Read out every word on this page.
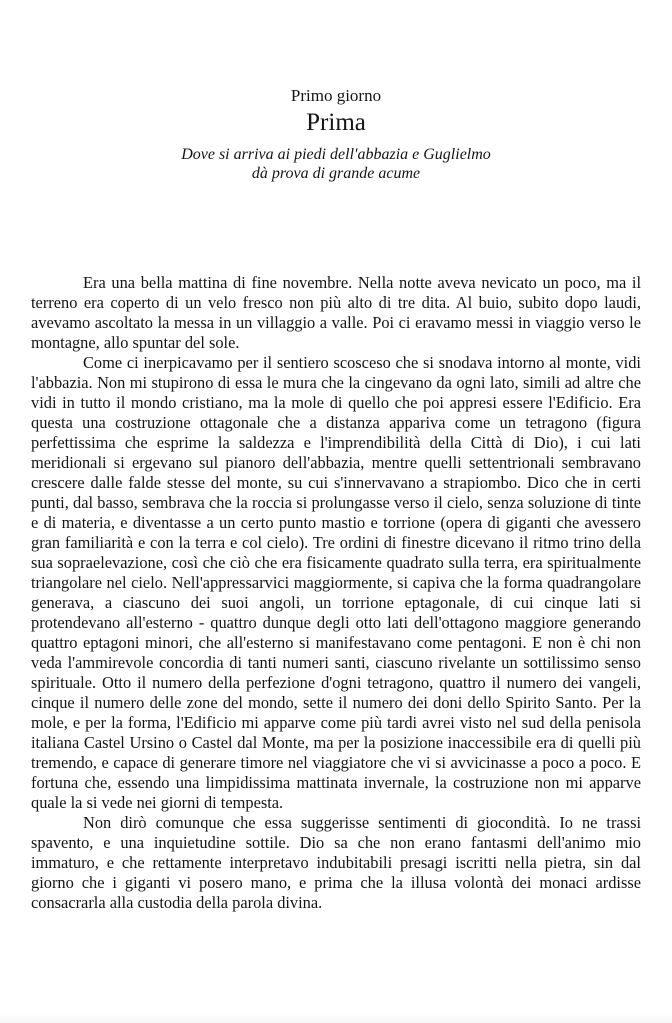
Primo giorno
Prima
Dove si arriva ai piedi dell'abbazia e Guglielmo
dà prova di grande acume

Era una bella mattina di fine novembre. Nella notte aveva nevicato un poco, ma il terreno era coperto di un velo fresco non più alto di tre dita. Al buio, subito dopo laudi, avevamo ascoltato la messa in un villaggio a valle. Poi ci eravamo messi in viaggio verso le montagne, allo spuntar del sole.

Come ci inerpicavamo per il sentiero scosceso che si snodava intorno al monte, vidi l'abbazia. Non mi stupirono di essa le mura che la cingevano da ogni lato, simili ad altre che vidi in tutto il mondo cristiano, ma la mole di quello che poi appresi essere l'Edificio. Era questa una costruzione ottagonale che a distanza appariva come un tetragono (figura perfettissima che esprime la saldezza e l'imprendibilità della Città di Dio), i cui lati meridionali si ergevano sul pianoro dell'abbazia, mentre quelli settentrionali sembravano crescere dalle falde stesse del monte, su cui s'innervavano a strapiombo. Dico che in certi punti, dal basso, sembrava che la roccia si prolungasse verso il cielo, senza soluzione di tinte e di materia, e diventasse a un certo punto mastio e torrione (opera di giganti che avessero gran familiarità e con la terra e col cielo). Tre ordini di finestre dicevano il ritmo trino della sua sopraelevazione, così che ciò che era fisicamente quadrato sulla terra, era spiritualmente triangolare nel cielo. Nell'appressarvici maggiormente, si capiva che la forma quadrangolare generava, a ciascuno dei suoi angoli, un torrione eptagonale, di cui cinque lati si protendevano all'esterno - quattro dunque degli otto lati dell'ottagono maggiore generando quattro eptagoni minori, che all'esterno si manifestavano come pentagoni. E non è chi non veda l'ammirevole concordia di tanti numeri santi, ciascuno rivelante un sottilissimo senso spirituale. Otto il numero della perfezione d'ogni tetragono, quattro il numero dei vangeli, cinque il numero delle zone del mondo, sette il numero dei doni dello Spirito Santo. Per la mole, e per la forma, l'Edificio mi apparve come più tardi avrei visto nel sud della penisola italiana Castel Ursino o Castel dal Monte, ma per la posizione inaccessibile era di quelli più tremendo, e capace di generare timore nel viaggiatore che vi si avvicinasse a poco a poco. E fortuna che, essendo una limpidissima mattinata invernale, la costruzione non mi apparve quale la si vede nei giorni di tempesta.

Non dirò comunque che essa suggerisse sentimenti di giocondità. Io ne trassi spavento, e una inquietudine sottile. Dio sa che non erano fantasmi dell'animo mio immaturo, e che rettamente interpretavo indubitabili presagi iscritti nella pietra, sin dal giorno che i giganti vi posero mano, e prima che la illusa volontà dei monaci ardisse consacrarla alla custodia della parola divina.
